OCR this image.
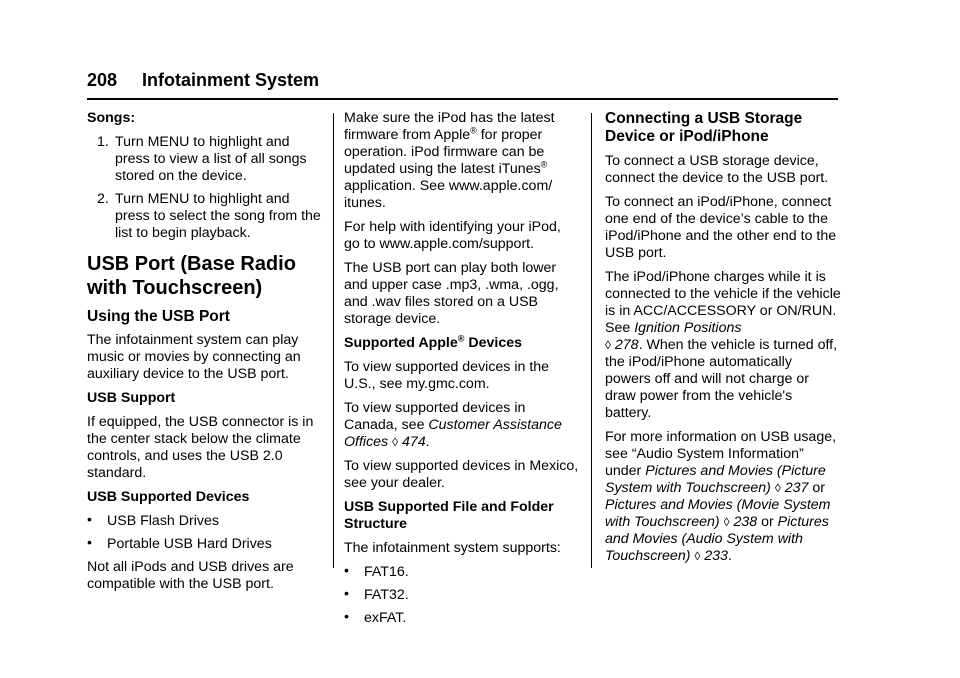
208 Infotainment System

Songs:

1. Turn MENU to highlight and press to view a list of all songs stored on the device.
2. Turn MENU to highlight and press to select the song from the list to begin playback.
USB Port (Base Radio with Touchscreen)
Using the USB Port

The infotainment system can play music or movies by connecting an auxiliary device to the USB port.

USB Support

If equipped, the USB connector is in the center stack below the climate controls, and uses the USB 2.0 standard.

USB Supported Devices

• USB Flash Drives
• Portable USB Hard Drives

Not all iPods and USB drives are compatible with the USB port.

Make sure the iPod has the latest firmware from Apple® for proper operation. iPod firmware can be updated using the latest iTunes® application. See www.apple.com/ itunes.

For help with identifying your iPod, go to www.apple.com/support.

The USB port can play both lower and upper case .mp3, .wma, .ogg, and .wav files stored on a USB storage device.

Supported Apple® Devices

To view supported devices in the U.S., see my.gmc.com.

To view supported devices in Canada, see Customer Assistance Offices ◊ 474.

To view supported devices in Mexico, see your dealer.

USB Supported File and Folder Structure

The infotainment system supports:

• FAT16.
• FAT32.
• exFAT.
Connecting a USB Storage Device or iPod/iPhone

To connect a USB storage device, connect the device to the USB port.

To connect an iPod/iPhone, connect one end of the device’s cable to the iPod/iPhone and the other end to the USB port.

The iPod/iPhone charges while it is connected to the vehicle if the vehicle is in ACC/ACCESSORY or ON/RUN. See Ignition Positions
◊ 278. When the vehicle is turned off, the iPod/iPhone automatically powers off and will not charge or draw power from the vehicle's battery.

For more information on USB usage, see “Audio System Information” under Pictures and Movies (Picture System with Touchscreen) ◊ 237 or Pictures and Movies (Movie System with Touchscreen) ◊ 238 or Pictures and Movies (Audio System with Touchscreen) ◊ 233.
